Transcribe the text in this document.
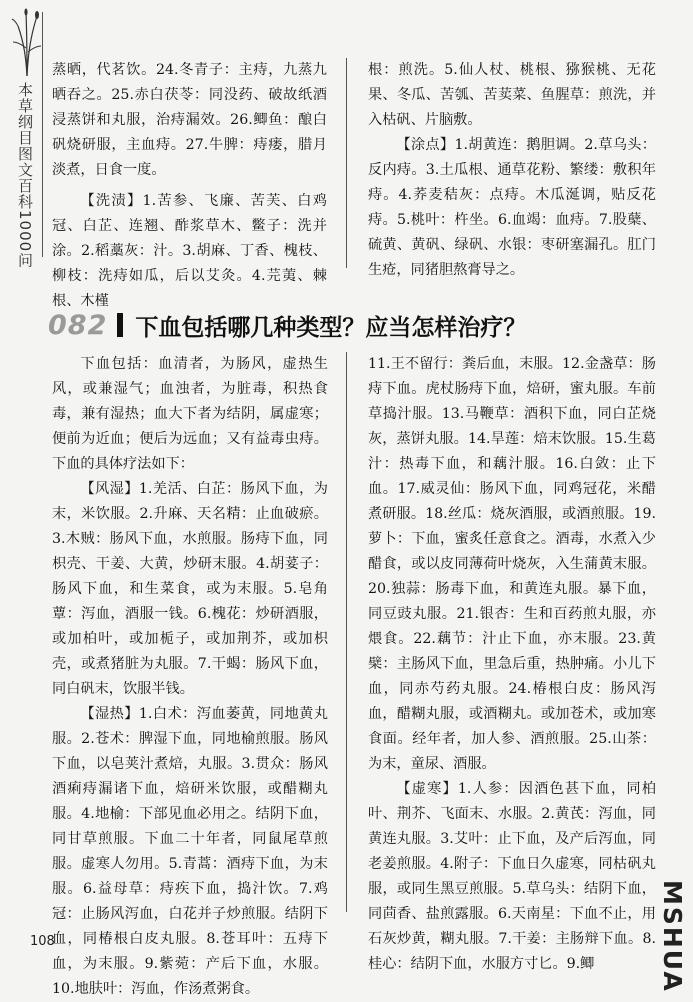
本草纲目图文百科1000问

蒸晒，代茗饮。24.冬青子：主痔，九蒸九晒吞之。25.赤白茯苓：同没药、破故纸酒浸蒸饼和丸服，治痔漏效。26.鲫鱼：酿白矾烧研服，主血痔。27.牛脾：痔瘘，腊月淡煮，日食一度。

【洗渍】1.苦参、飞廉、苦芙、白鸡冠、白芷、连翘、酢浆草木、鳖子：洗并涂。2.稻藁灰：汁。3.胡麻、丁香、槐枝、柳枝：洗痔如瓜，后以艾灸。4.芫荑、棘根、木槿

根：煎洗。5.仙人杖、桃根、猕猴桃、无花果、冬瓜、苦瓠、苦荬菜、鱼腥草：煎洗，并入枯矾、片脑敷。

【涂点】1.胡黄连：鹅胆调。2.草乌头：反内痔。3.土瓜根、通草花粉、繁缕：敷积年痔。4.荞麦秸灰：点痔。木瓜涎调，贴反花痔。5.桃叶：杵坐。6.血竭：血痔。7.股蘖、硫黄、黄矾、绿矾、水银：枣研塞漏孔。肛门生疮，同猪胆熬膏导之。

082 下血包括哪几种类型？应当怎样治疗？

下血包括：血清者，为肠风，虚热生风，或兼湿气；血浊者，为脏毒，积热食毒，兼有湿热；血大下者为结阴，属虚寒；便前为近血；便后为远血；又有益毒虫痔。下血的具体疗法如下：

【风湿】1.羌活、白芷：肠风下血，为末，米饮服。2.升麻、天名精：止血破瘀。3.木贼：肠风下血，水煎服。肠痔下血，同枳壳、干姜、大黄，炒研末服。4.胡荽子：肠风下血，和生菜食，或为末服。5.皂角蕈：泻血，酒服一钱。6.槐花：炒研酒服，或加柏叶，或加栀子，或加荆芥，或加枳壳，或煮猪脏为丸服。7.干蝎：肠风下血，同白矾末，饮服半钱。

【湿热】1.白术：泻血萎黄，同地黄丸服。2.苍术：脾湿下血，同地榆煎服。肠风下血，以皂荚汁煮焙，丸服。3.贯众：肠风酒痢痔漏诸下血，焙研米饮服，或醋糊丸服。4.地榆：下部见血必用之。结阴下血，同甘草煎服。下血二十年者，同鼠尾草煎服。虚寒人勿用。5.青蒿：酒痔下血，为末服。6.益母草：痔疾下血，捣汁饮。7.鸡冠：止肠风泻血，白花并子炒煎服。结阴下血，同椿根白皮丸服。8.苍耳叶：五痔下血，为末服。9.紫菀：产后下血，水服。10.地肤叶：泻血，作汤煮粥食。

11.王不留行：粪后血，末服。12.金盏草：肠痔下血。虎杖肠痔下血，焙研，蜜丸服。车前草捣汁服。13.马鞭草：酒积下血，同白芷烧灰，蒸饼丸服。14.旱莲：焙末饮服。15.生葛汁：热毒下血，和藕汁服。16.白敛：止下血。17.威灵仙：肠风下血，同鸡冠花，米醋煮研服。18.丝瓜：烧灰酒服，或酒煎服。19.萝卜：下血，蜜炙任意食之。酒毒，水煮入少醋食，或以皮同薄荷叶烧灰，入生蒲黄末服。20.独蒜：肠毒下血，和黄连丸服。暴下血，同豆豉丸服。21.银杏：生和百药煎丸服，亦煨食。22.藕节：汁止下血，亦末服。23.黄檗：主肠风下血，里急后重，热肿痛。小儿下血，同赤芍药丸服。24.椿根白皮：肠风泻血，醋糊丸服，或酒糊丸。或加苍术，或加寒食面。经年者，加人参、酒煎服。25.山茶：为末，童尿、酒服。

【虚寒】1.人参：因酒色甚下血，同柏叶、荆芥、飞面末、水服。2.黄芪：泻血，同黄连丸服。3.艾叶：止下血，及产后泻血，同老姜煎服。4.附子：下血日久虚寒，同枯矾丸服，或同生黑豆煎服。5.草乌头：结阴下血，同茴香、盐煎露服。6.天南星：下血不止，用石灰炒黄，糊丸服。7.干姜：主肠辩下血。8.桂心：结阴下血，水服方寸匕。9.鲫

108	MSHUA
